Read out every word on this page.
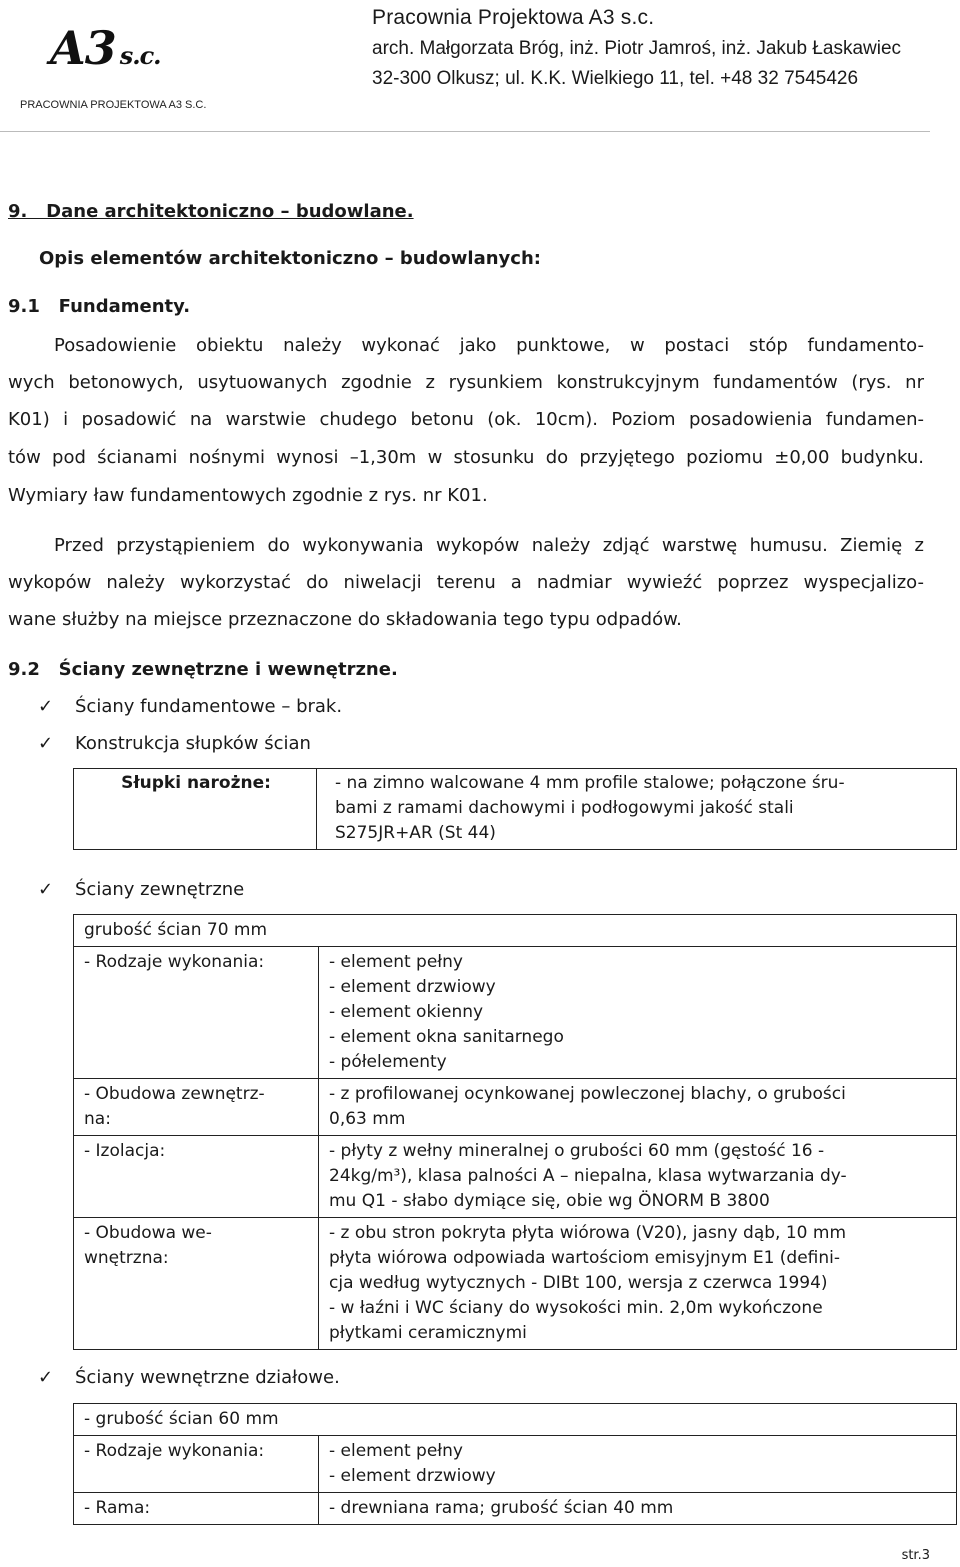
A3 s.c.
PRACOWNIA PROJEKTOWA A3 S.C.
Pracownia Projektowa A3 s.c.
arch. Małgorzata Bróg, inż. Piotr Jamroś, inż. Jakub Łaskawiec
32-300 Olkusz; ul. K.K. Wielkiego 11, tel. +48 32 7545426
9.   Dane architektoniczno – budowlane.
Opis elementów architektoniczno – budowlanych:
9.1   Fundamenty.
Posadowienie obiektu należy wykonać jako punktowe, w postaci stóp fundamento-
wych betonowych, usytuowanych zgodnie z rysunkiem konstrukcyjnym fundamentów (rys. nr
K01) i posadowić na warstwie chudego betonu (ok. 10cm). Poziom posadowienia fundamen-
tów pod ścianami nośnymi wynosi –1,30m w stosunku do przyjętego poziomu ±0,00 budynku.
Wymiary ław fundamentowych zgodnie z rys. nr K01.
Przed przystąpieniem do wykonywania wykopów należy zdjąć warstwę humusu. Ziemię z
wykopów należy wykorzystać do niwelacji terenu a nadmiar wywieźć poprzez wyspecjalizo-
wane służby na miejsce przeznaczone do składowania tego typu odpadów.
9.2   Ściany zewnętrzne i wewnętrzne.
✓ Ściany fundamentowe – brak.
✓ Konstrukcja słupków ścian
Słupki narożne:	- na zimno walcowane 4 mm profile stalowe; połączone śru-
bami z ramami dachowymi i podłogowymi jakość stali
S275JR+AR (St 44)
✓ Ściany zewnętrzne
grubość ścian 70 mm	
- Rodzaje wykonania:	- element pełny
- element drzwiowy
- element okienny
- element okna sanitarnego
- półelementy
- Obudowa zewnętrz-
na:	- z profilowanej ocynkowanej powleczonej blachy, o grubości
0,63 mm
- Izolacja:	- płyty z wełny mineralnej o grubości 60 mm (gęstość 16 -
24kg/m³), klasa palności A – niepalna, klasa wytwarzania dy-
mu Q1 - słabo dymiące się, obie wg ÖNORM B 3800
- Obudowa we-
wnętrzna:	- z obu stron pokryta płyta wiórowa (V20), jasny dąb, 10 mm
płyta wiórowa odpowiada wartościom emisyjnym E1 (defini-
cja według wytycznych - DIBt 100, wersja z czerwca 1994)
- w łaźni i WC ściany do wysokości min. 2,0m wykończone
płytkami ceramicznymi
✓ Ściany wewnętrzne działowe.
- grubość ścian 60 mm	
- Rodzaje wykonania:	- element pełny
- element drzwiowy
- Rama:	- drewniana rama; grubość ścian 40 mm
str.3
